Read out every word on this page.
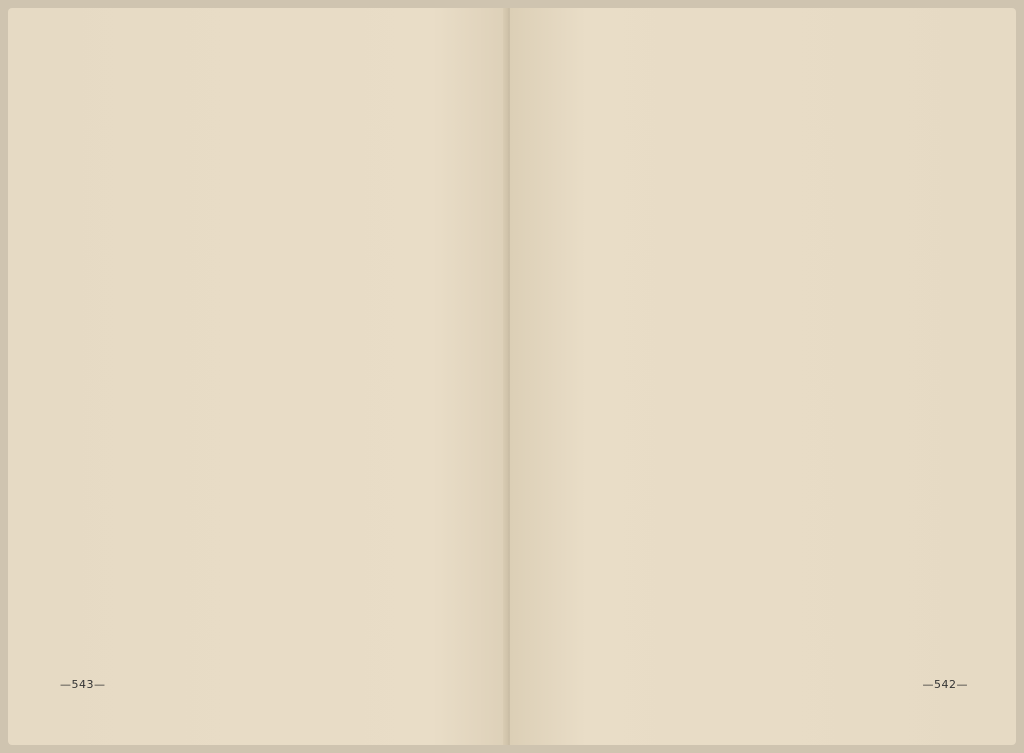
—543—	—542—
